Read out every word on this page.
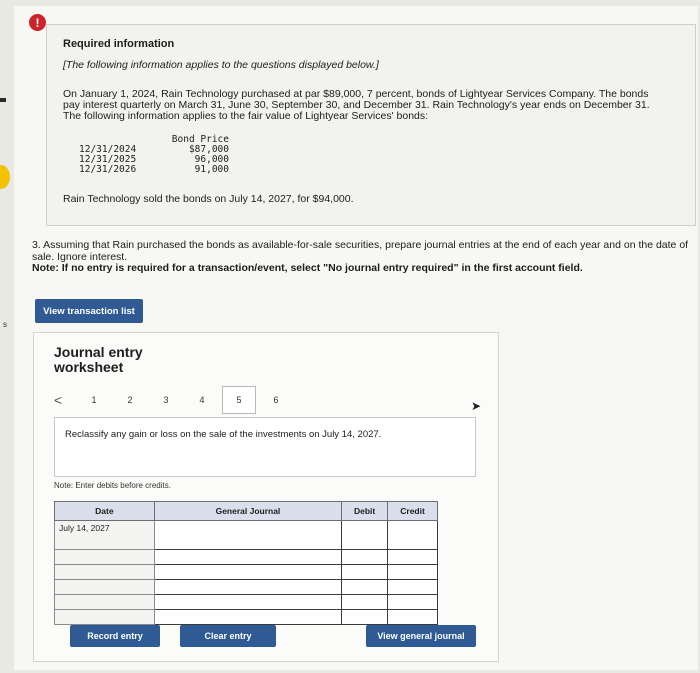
s
!
Required information
[The following information applies to the questions displayed below.]
On January 1, 2024, Rain Technology purchased at par $89,000, 7 percent, bonds of Lightyear Services Company. The bonds pay interest quarterly on March 31, June 30, September 30, and December 31. Rain Technology's year ends on December 31. The following information applies to the fair value of Lightyear Services' bonds:
Bond Price
12/31/2024	$87,000
12/31/2025	96,000
12/31/2026	91,000
Rain Technology sold the bonds on July 14, 2027, for $94,000.
3. Assuming that Rain purchased the bonds as available-for-sale securities, prepare journal entries at the end of each year and on the date of sale. Ignore interest.
Note: If no entry is required for a transaction/event, select "No journal entry required" in the first account field.
View transaction list
Journal entry worksheet
<	1	2	3	4	5	6	➤
Reclassify any gain or loss on the sale of the investments on July 14, 2027.
Note: Enter debits before credits.
Date	General Journal	Debit	Credit
July 14, 2027			

Record entry	Clear entry	View general journal
